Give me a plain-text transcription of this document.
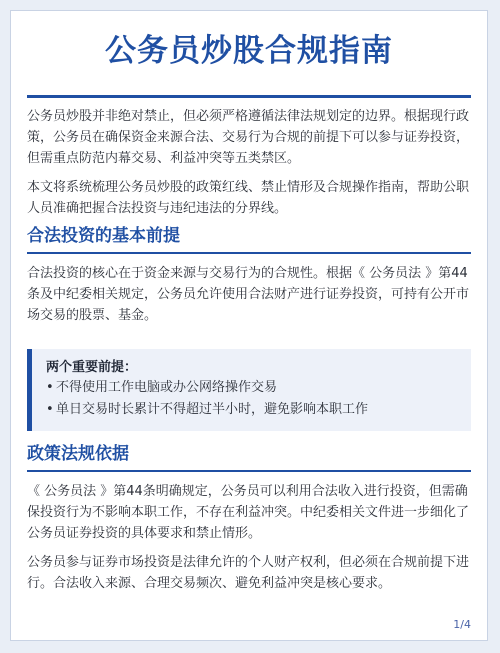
公务员炒股合规指南

公务员炒股并非绝对禁止，但必须严格遵循法律法规划定的边界。根据现行政策，公务员在确保资金来源合法、交易行为合规的前提下可以参与证券投资，但需重点防范内幕交易、利益冲突等五类禁区。

本文将系统梳理公务员炒股的政策红线、禁止情形及合规操作指南，帮助公职人员准确把握合法投资与违纪违法的分界线。

合法投资的基本前提

合法投资的核心在于资金来源与交易行为的合规性。根据《 公务员法 》第44条及中纪委相关规定，公务员允许使用合法财产进行证券投资，可持有公开市场交易的股票、基金。

两个重要前提：
• 不得使用工作电脑或办公网络操作交易
• 单日交易时长累计不得超过半小时，避免影响本职工作
政策法规依据

《 公务员法 》第44条明确规定，公务员可以利用合法收入进行投资，但需确保投资行为不影响本职工作，不存在利益冲突。中纪委相关文件进一步细化了公务员证券投资的具体要求和禁止情形。

公务员参与证券市场投资是法律允许的个人财产权利，但必须在合规前提下进行。合法收入来源、合理交易频次、避免利益冲突是核心要求。

1/4
